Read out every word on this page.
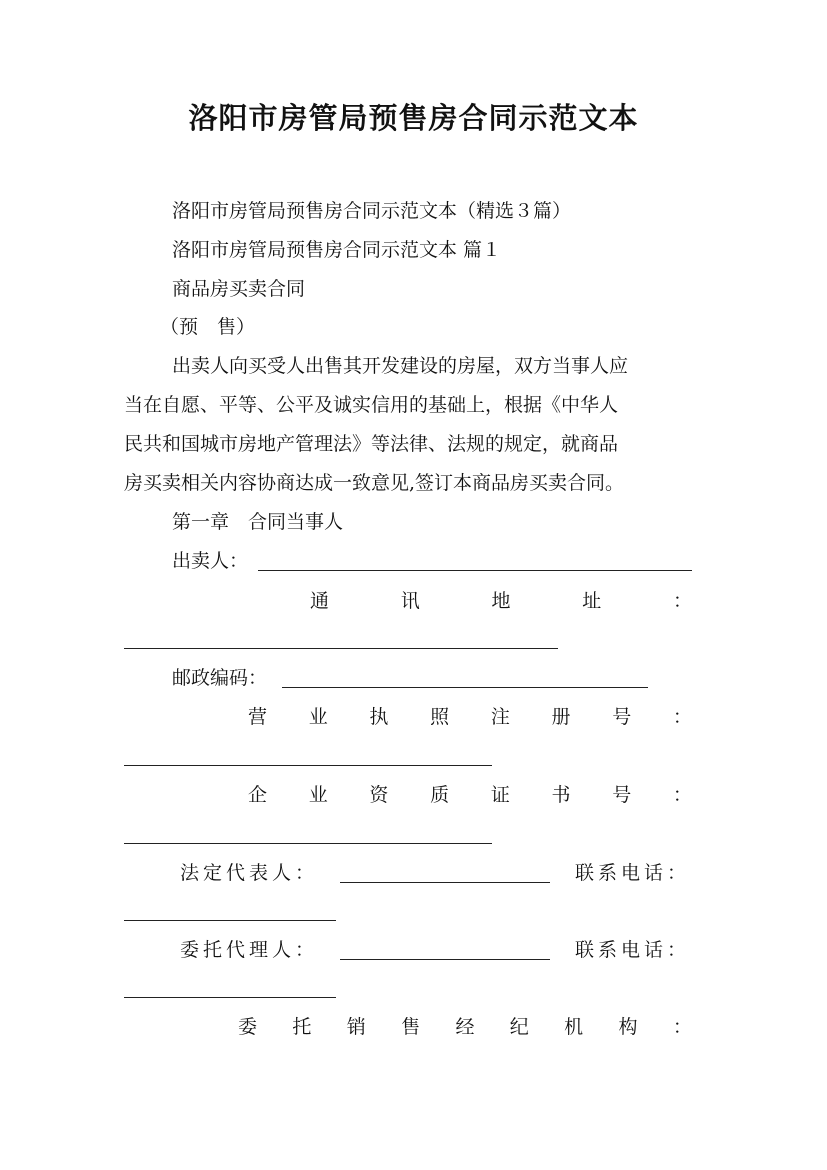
洛阳市房管局预售房合同示范文本
洛阳市房管局预售房合同示范文本（精选３篇）
洛阳市房管局预售房合同示范文本 篇１
商品房买卖合同
（预　售）
出卖人向买受人出售其开发建设的房屋，双方当事人应
当在自愿、平等、公平及诚实信用的基础上，根据《中华人
民共和国城市房地产管理法》等法律、法规的规定，就商品
房买卖相关内容协商达成一致意见,签订本商品房买卖合同。
第一章　合同当事人
出卖人：
通	讯	地	址	：
邮政编码：
营 业 执 照 注 册 号 ：
企 业 资 质 证 书 号 ：
法定代表人：	联系电话：
委托代理人：	联系电话：
委 托 销 售 经 纪 机 构 ：
